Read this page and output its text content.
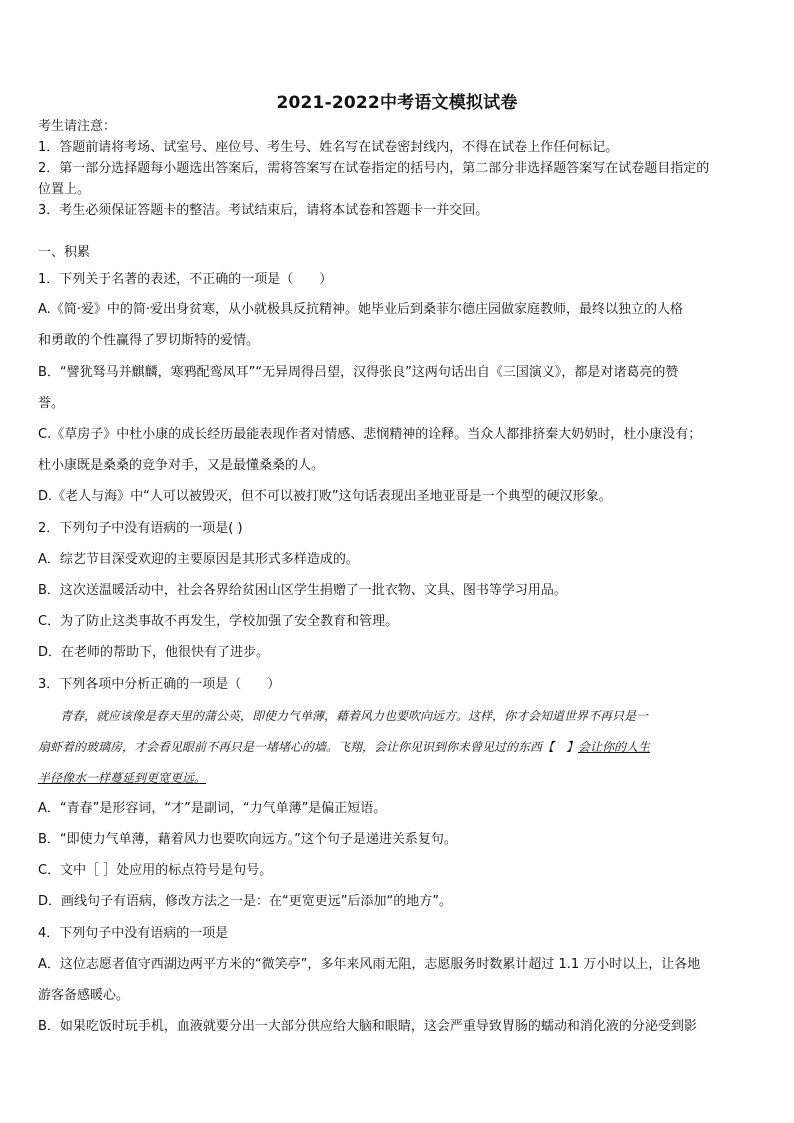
2021-2022中考语文模拟试卷
考生请注意：
1．答题前请将考场、试室号、座位号、考生号、姓名写在试卷密封线内，不得在试卷上作任何标记。
2．第一部分选择题每小题选出答案后，需将答案写在试卷指定的括号内，第二部分非选择题答案写在试卷题目指定的
位置上。
3．考生必须保证答题卡的整洁。考试结束后，请将本试卷和答题卡一并交回。
一、积累
1．下列关于名著的表述，不正确的一项是（　　）
A.《简·爱》中的简·爱出身贫寒，从小就极具反抗精神。她毕业后到桑菲尔德庄园做家庭教师，最终以独立的人格
和勇敢的个性赢得了罗切斯特的爱情。
B．“譬犹驽马并麒麟，寒鸦配鸾凤耳”“无异周得吕望，汉得张良”这两句话出自《三国演义》，都是对诸葛亮的赞
誉。
C.《草房子》中杜小康的成长经历最能表现作者对情感、悲悯精神的诠释。当众人都排挤秦大奶奶时，杜小康没有；
杜小康既是桑桑的竞争对手，又是最懂桑桑的人。
D.《老人与海》中“人可以被毁灭，但不可以被打败”这句话表现出圣地亚哥是一个典型的硬汉形象。
2．下列句子中没有语病的一项是( )
A．综艺节目深受欢迎的主要原因是其形式多样造成的。
B．这次送温暖活动中，社会各界给贫困山区学生捐赠了一批衣物、文具、图书等学习用品。
C．为了防止这类事故不再发生，学校加强了安全教育和管理。
D．在老师的帮助下，他很快有了进步。
3．下列各项中分析正确的一项是（　　）
青春，就应该像是春天里的蒲公英，即使力气单薄，藉着风力也要吹向远方。这样，你才会知道世界不再只是一
扇虾着的玻璃房，才会看见眼前不再只是一堵堵心的墙。飞翔，会让你见识到你未曾见过的东西【　】会让你的人生
半径像水一样蔓延到更宽更远。
A．“青春”是形容词，“才”是副词，“力气单薄”是偏正短语。
B．“即使力气单薄，藉着风力也要吹向远方。”这个句子是递进关系复句。
C．文中［ ］处应用的标点符号是句号。
D．画线句子有语病，修改方法之一是：在“更宽更远”后添加“的地方”。
4．下列句子中没有语病的一项是
A．这位志愿者值守西湖边两平方米的“微笑亭”，多年来风雨无阻，志愿服务时数累计超过 1.1 万小时以上，让各地
游客备感暖心。
B．如果吃饭时玩手机，血液就要分出一大部分供应给大脑和眼睛，这会严重导致胃肠的蠕动和消化液的分泌受到影
